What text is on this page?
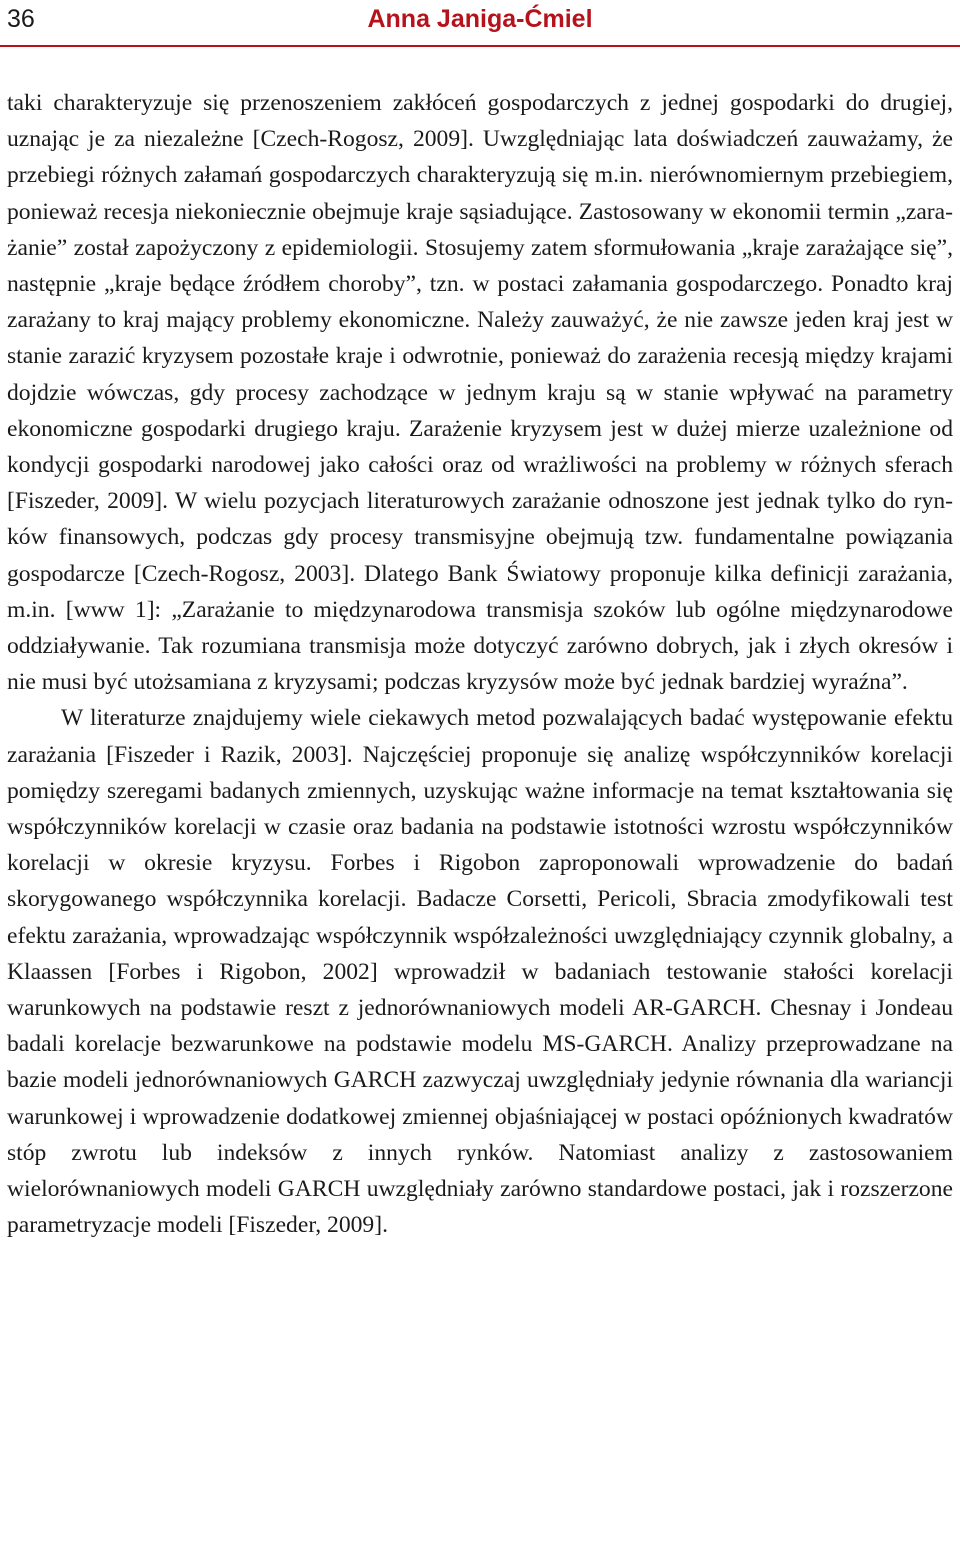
36	Anna Janiga-Ćmiel

taki charakteryzuje się przenoszeniem zakłóceń gospodarczych z jednej gospodarki do drugiej, uznając je za niezależne [Czech-Rogosz, 2009]. Uwzględniając lata doświadczeń zauważamy, że przebiegi różnych załamań gospodarczych charakteryzują się m.in. nierównomiernym przebiegiem, ponieważ recesja niekoniecznie obejmuje kraje sąsiadujące. Zastosowany w ekonomii termin „zarażanie” został zapożyczony z epidemiologii. Stosujemy zatem sformułowania „kraje zarażające się”, następnie „kraje będące źródłem choroby”, tzn. w postaci załamania gospodarczego. Ponadto kraj zarażany to kraj mający problemy ekonomiczne. Należy zauważyć, że nie zawsze jeden kraj jest w stanie zarazić kryzysem pozostałe kraje i odwrotnie, ponieważ do zarażenia recesją między krajami dojdzie wówczas, gdy procesy zachodzące w jednym kraju są w stanie wpływać na parametry ekonomiczne gospodarki drugiego kraju. Zarażenie kryzysem jest w dużej mierze uzależnione od kondycji gospodarki narodowej jako całości oraz od wrażliwości na problemy w różnych sferach [Fiszeder, 2009]. W wielu pozycjach literaturowych zarażanie odnoszone jest jednak tylko do rynków finansowych, podczas gdy procesy transmisyjne obejmują tzw. fundamentalne powiązania gospodarcze [Czech-Rogosz, 2003]. Dlatego Bank Światowy proponuje kilka definicji zarażania, m.in. [www 1]: „Zarażanie to międzynarodowa transmisja szoków lub ogólne międzynarodowe oddziaływanie. Tak rozumiana transmisja może dotyczyć zarówno dobrych, jak i złych okresów i nie musi być utożsamiana z kryzysami; podczas kryzysów może być jednak bardziej wyraźna”.

W literaturze znajdujemy wiele ciekawych metod pozwalających badać występowanie efektu zarażania [Fiszeder i Razik, 2003]. Najczęściej proponuje się analizę współczynników korelacji pomiędzy szeregami badanych zmiennych, uzyskując ważne informacje na temat kształtowania się współczynników korelacji w czasie oraz badania na podstawie istotności wzrostu współczynników korelacji w okresie kryzysu. Forbes i Rigobon zaproponowali wprowadzenie do badań skorygowanego współczynnika korelacji. Badacze Corsetti, Pericoli, Sbracia zmodyfikowali test efektu zarażania, wprowadzając współczynnik współzależności uwzględniający czynnik globalny, a Klaassen [Forbes i Rigobon, 2002] wprowadził w badaniach testowanie stałości korelacji warunkowych na podstawie reszt z jednorównaniowych modeli AR-GARCH. Chesnay i Jondeau badali korelacje bezwarunkowe na podstawie modelu MS-GARCH. Analizy przeprowadzane na bazie modeli jednorównaniowych GARCH zazwyczaj uwzględniały jedynie równania dla wariancji warunkowej i wprowadzenie dodatkowej zmiennej objaśniającej w postaci opóźnionych kwadratów stóp zwrotu lub indeksów z innych rynków. Natomiast analizy z zastosowaniem wielorównaniowych modeli GARCH uwzględniały zarówno standardowe postaci, jak i rozszerzone parametryzacje modeli [Fiszeder, 2009].
